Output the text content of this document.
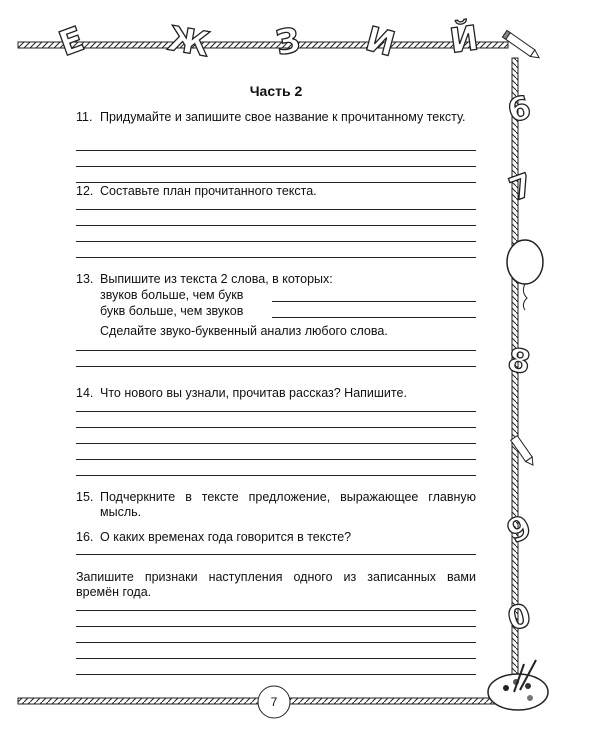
Е Ж З И Й
6
7
8
9
0
Часть 2
11. Придумайте и запишите свое название к прочитанному тексту.
12. Составьте план прочитанного текста.
13. Выпишите из текста 2 слова, в которых:
звуков больше, чем букв
букв больше, чем звуков
Сделайте звуко-буквенный анализ любого слова.
14. Что нового вы узнали, прочитав рассказ? Напишите.
15. Подчеркните в тексте предложение, выражающее главную мысль.
16. О каких временах года говорится в тексте?
Запишите признаки наступления одного из записанных вами времён года.
7
